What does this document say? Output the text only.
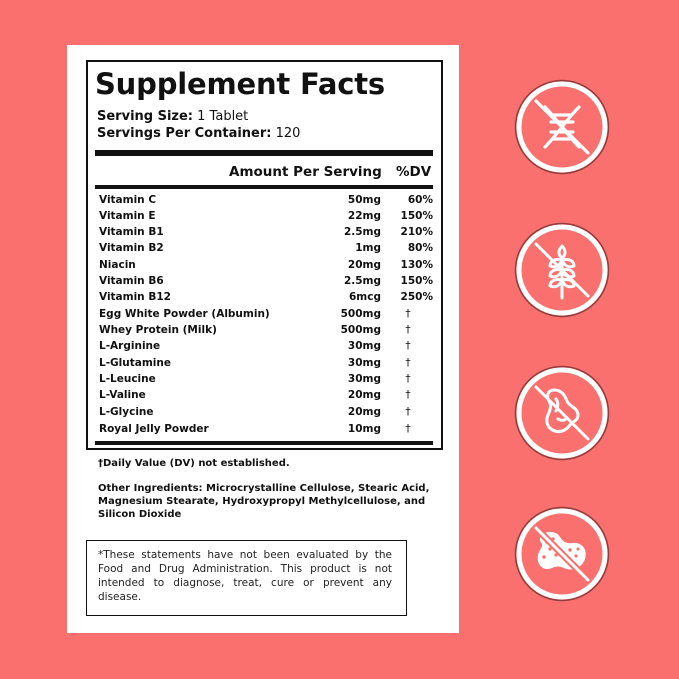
Supplement Facts
Serving Size: 1 Tablet
Servings Per Container: 120
Amount Per Serving %DV
Vitamin C	50mg	60%
Vitamin E	22mg	150%
Vitamin B1	2.5mg	210%
Vitamin B2	1mg	80%
Niacin	20mg	130%
Vitamin B6	2.5mg	150%
Vitamin B12	6mcg	250%
Egg White Powder (Albumin)	500mg	†
Whey Protein (Milk)	500mg	†
L-Arginine	30mg	†
L-Glutamine	30mg	†
L-Leucine	30mg	†
L-Valine	20mg	†
L-Glycine	20mg	†
Royal Jelly Powder	10mg	†
†Daily Value (DV) not established.
Other Ingredients: Microcrystalline Cellulose, Stearic Acid, Magnesium Stearate, Hydroxypropyl Methylcellulose, and Silicon Dioxide
*These statements have not been evaluated by the Food and Drug Administration. This product is not intended to diagnose, treat, cure or prevent any disease.
